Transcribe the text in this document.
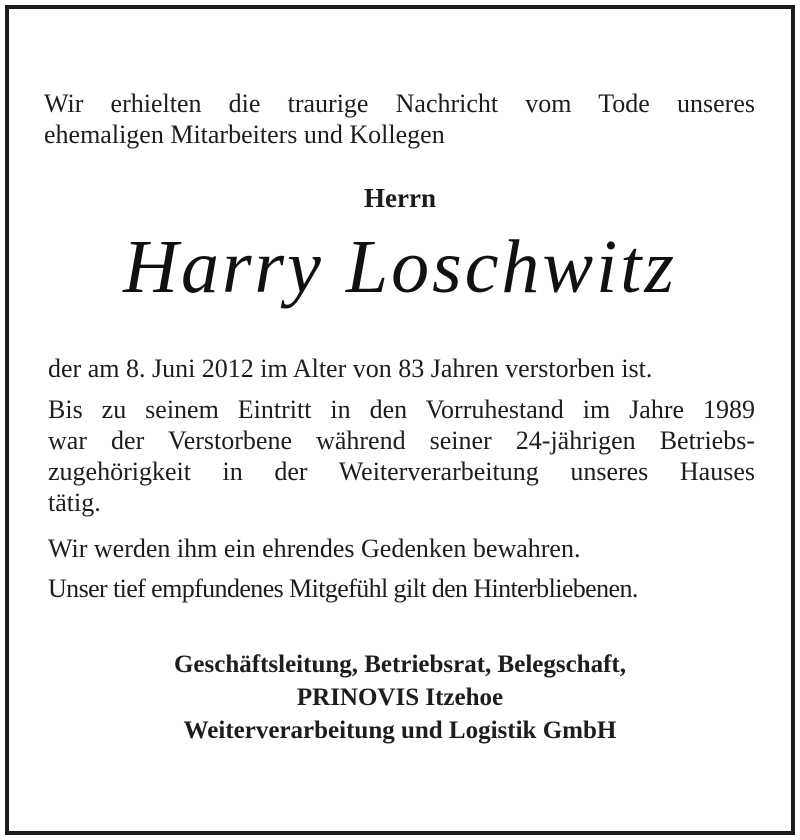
Wir erhielten die traurige Nachricht vom Tode unseres

ehemaligen Mitarbeiters und Kollegen

Herrn
Harry Loschwitz

der am 8. Juni 2012 im Alter von 83 Jahren verstorben ist.

Bis zu seinem Eintritt in den Vorruhestand im Jahre 1989

war der Verstorbene während seiner 24-jährigen Betriebs-

zugehörigkeit in der Weiterverarbeitung unseres Hauses

tätig.

Wir werden ihm ein ehrendes Gedenken bewahren.

Unser tief empfundenes Mitgefühl gilt den Hinterbliebenen.

Geschäftsleitung, Betriebsrat, Belegschaft,
PRINOVIS Itzehoe
Weiterverarbeitung und Logistik GmbH
